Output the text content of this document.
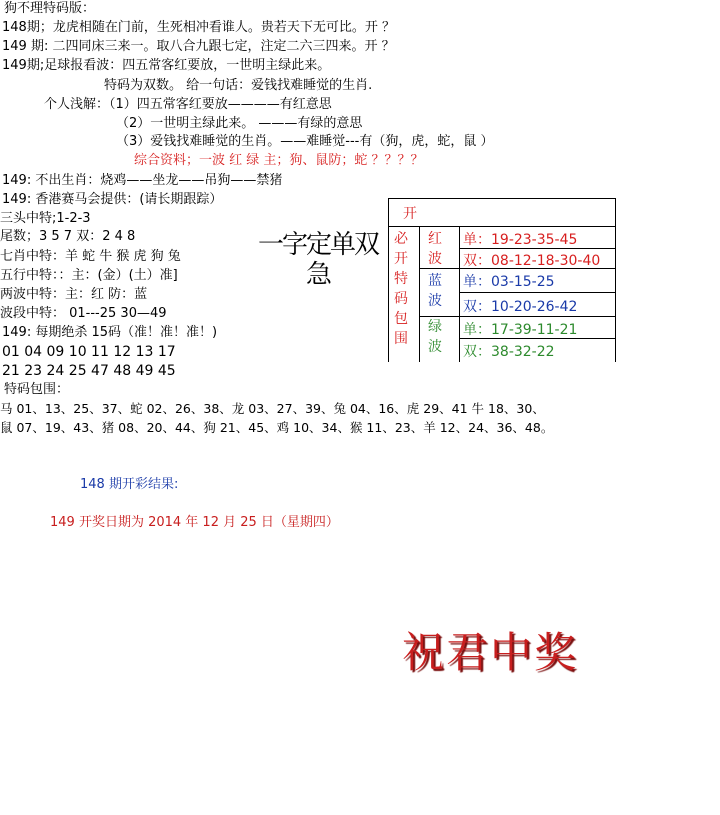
狗不理特码版：
148期；龙虎相随在门前，生死相冲看谁人。贵若天下无可比。开 ？
149 期: 二四同床三来一。取八合九跟七定，注定二六三四来。开 ？
149期;足球报看波：四五常客红要放，一世明主绿此来。
特码为双数。 给一句话：爱钱找难睡觉的生肖.
个人浅解：（1）四五常客红要放————有红意思
（2）一世明主绿此来。 ———有绿的意思
（3）爱钱找难睡觉的生肖。——难睡觉---有（狗，虎，蛇，鼠 ）
综合资料；一波 红 绿 主；狗、鼠防；蛇 ？？？？
149: 不出生肖：烧鸡——坐龙——吊狗——禁猪
149: 香港赛马会提供：(请长期跟踪）
三头中特;1-2-3
尾数；3 5 7 双：2 4 8
七肖中特：羊 蛇 牛 猴 虎 狗 兔
五行中特：：主：(金）(土）准]
两波中特：主：红 防：蓝
波段中特： 01---25 30—49
149: 每期绝杀 15码（准！准！准！)
01 04 09 10 11 12 13 17
21 23 24 25 47 48 49 45
特码包围：
马 01、13、25、37、蛇 02、26、38、龙 03、27、39、兔 04、16、虎 29、41 牛 18、30、
鼠 07、19、43、猪 08、20、44、狗 21、45、鸡 10、34、猴 11、23、羊 12、24、36、48。
一字定单双
急
开
必开特码包围
红波
蓝波
绿波
单：19-23-35-45
双：08-12-18-30-40
单：03-15-25
双：10-20-26-42
单：17-39-11-21
双：38-32-22
148 期开彩结果:
149 开奖日期为 2014 年 12 月 25 日（星期四）
祝君中奖
